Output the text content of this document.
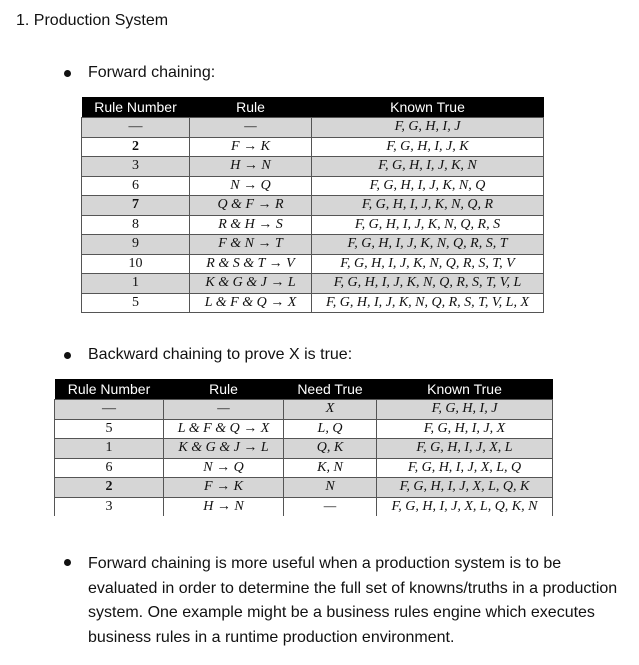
1. Production System
Forward chaining:
Rule Number	Rule	Known True
—	—	F, G, H, I, J
2	F → K	F, G, H, I, J, K
3	H → N	F, G, H, I, J, K, N
6	N → Q	F, G, H, I, J, K, N, Q
7	Q & F → R	F, G, H, I, J, K, N, Q, R
8	R & H → S	F, G, H, I, J, K, N, Q, R, S
9	F & N → T	F, G, H, I, J, K, N, Q, R, S, T
10	R & S & T → V	F, G, H, I, J, K, N, Q, R, S, T, V
1	K & G & J → L	F, G, H, I, J, K, N, Q, R, S, T, V, L
5	L & F & Q → X	F, G, H, I, J, K, N, Q, R, S, T, V, L, X
Backward chaining to prove X is true:
Rule Number	Rule	Need True	Known True
—	—	X	F, G, H, I, J
5	L & F & Q → X	L, Q	F, G, H, I, J, X
1	K & G & J → L	Q, K	F, G, H, I, J, X, L
6	N → Q	K, N	F, G, H, I, J, X, L, Q
2	F → K	N	F, G, H, I, J, X, L, Q, K
3	H → N	—	F, G, H, I, J, X, L, Q, K, N
Forward chaining is more useful when a production system is to be evaluated in order to determine the full set of knowns/truths in a production system. One example might be a business rules engine which executes business rules in a runtime production environment.
